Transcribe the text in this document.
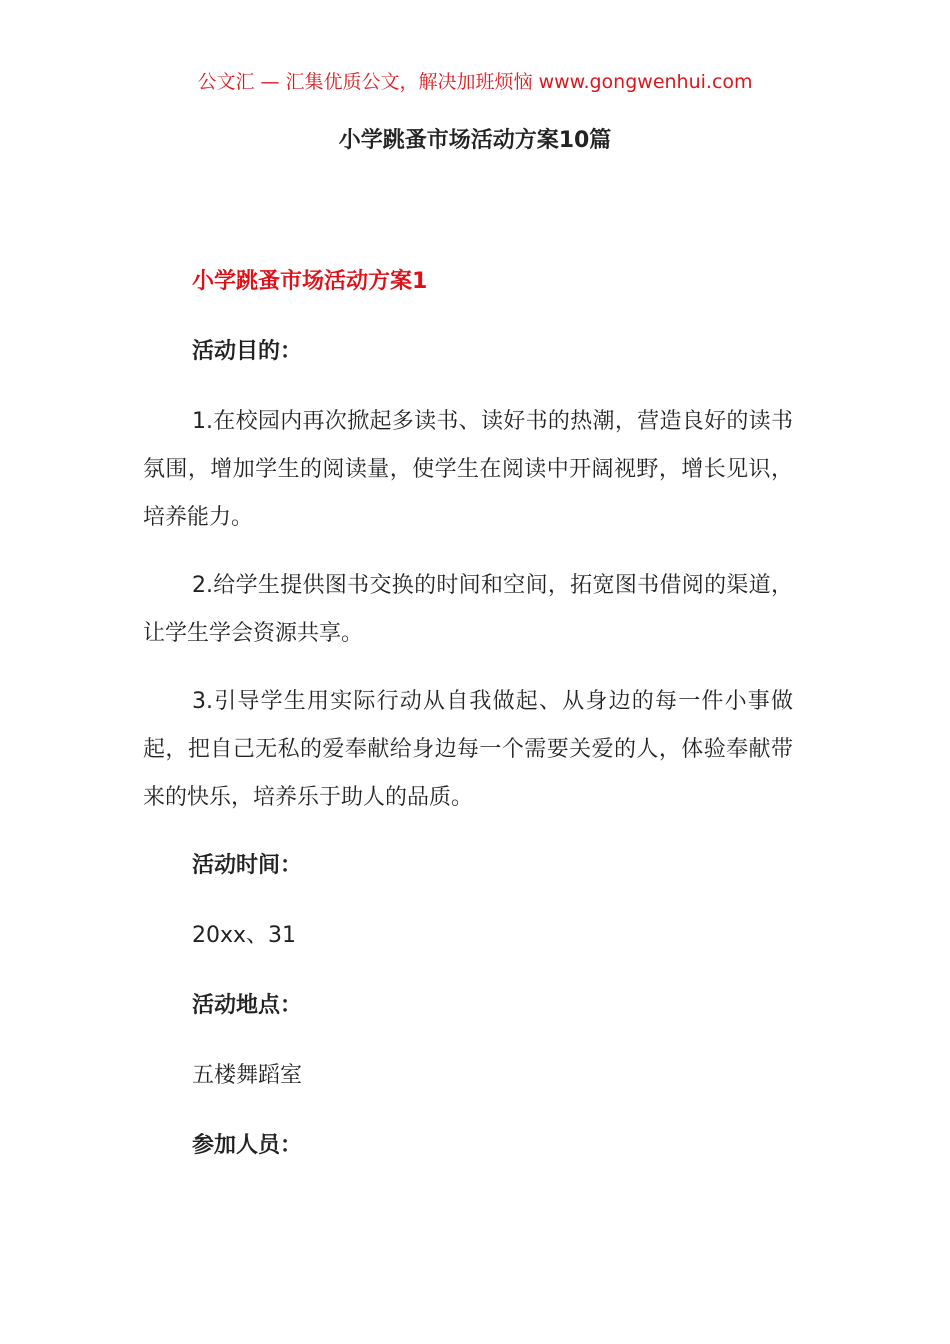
公文汇 — 汇集优质公文，解决加班烦恼 www.gongwenhui.com
小学跳蚤市场活动方案10篇
小学跳蚤市场活动方案1
活动目的：

1.在校园内再次掀起多读书、读好书的热潮，营造良好的读书氛围，增加学生的阅读量，使学生在阅读中开阔视野，增长见识，培养能力。

2.给学生提供图书交换的时间和空间，拓宽图书借阅的渠道，让学生学会资源共享。

3.引导学生用实际行动从自我做起、从身边的每一件小事做起，把自己无私的爱奉献给身边每一个需要关爱的人，体验奉献带来的快乐，培养乐于助人的品质。

活动时间：
20xx、31
活动地点：
五楼舞蹈室
参加人员：
